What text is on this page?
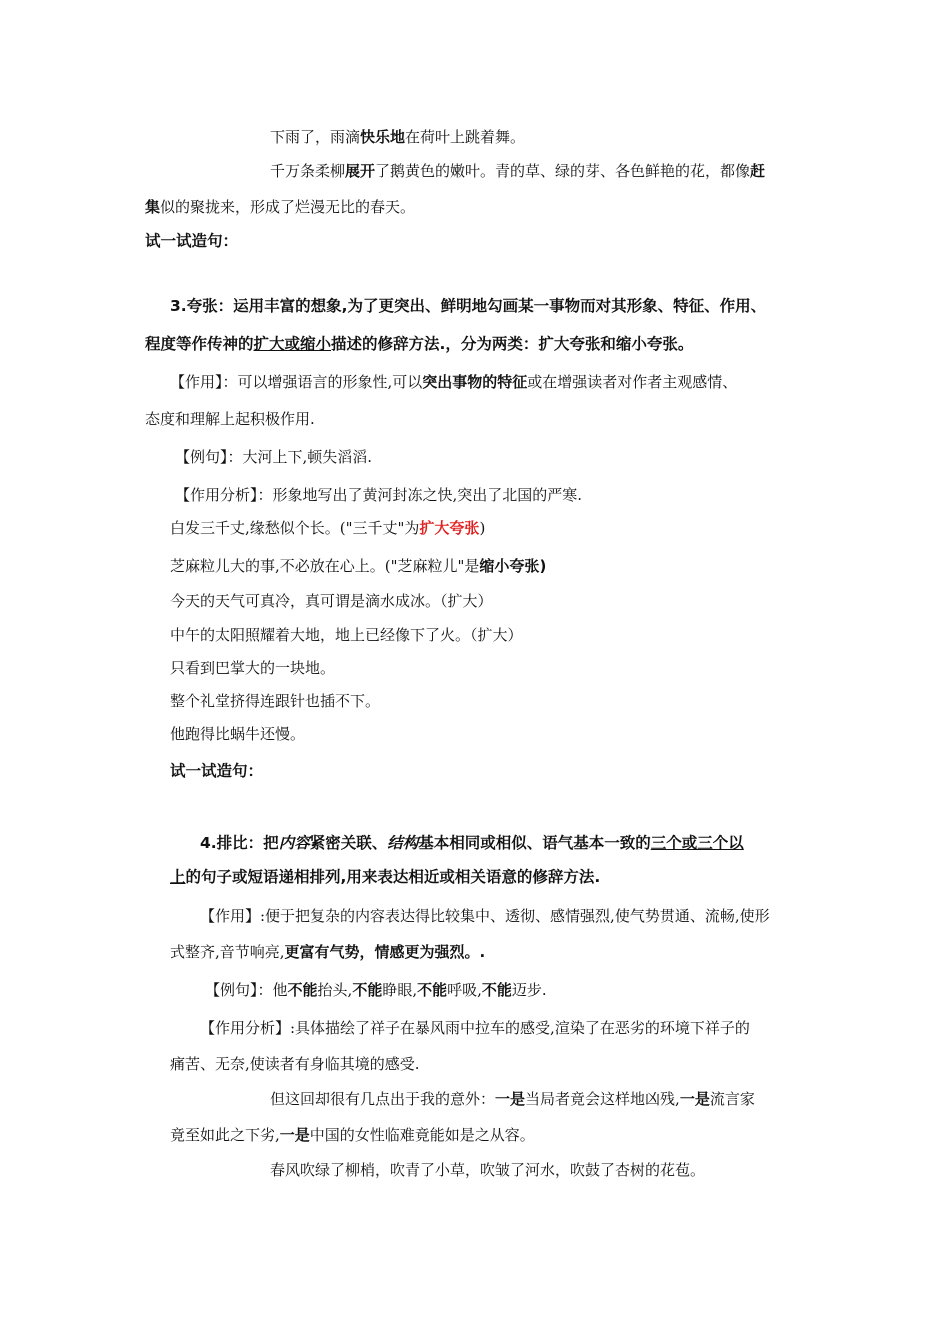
下雨了，雨滴快乐地在荷叶上跳着舞。
千万条柔柳展开了鹅黄色的嫩叶。青的草、绿的芽、各色鲜艳的花，都像赶
集似的聚拢来，形成了烂漫无比的春天。
试一试造句：
3.夸张：运用丰富的想象,为了更突出、鲜明地勾画某一事物而对其形象、特征、作用、
程度等作传神的扩大或缩小描述的修辞方法.，分为两类：扩大夸张和缩小夸张。
【作用】：可以增强语言的形象性,可以突出事物的特征或在增强读者对作者主观感情、
态度和理解上起积极作用.
【例句】：大河上下,顿失滔滔.
【作用分析】：形象地写出了黄河封冻之快,突出了北国的严寒.
白发三千丈,缘愁似个长。("三千丈"为扩大夸张)
芝麻粒儿大的事,不必放在心上。("芝麻粒儿"是缩小夸张)
今天的天气可真冷，真可谓是滴水成冰。（扩大）
中午的太阳照耀着大地，地上已经像下了火。（扩大）
只看到巴掌大的一块地。
整个礼堂挤得连跟针也插不下。
他跑得比蜗牛还慢。
试一试造句：
4.排比：把内容紧密关联、结构基本相同或相似、语气基本一致的三个或三个以
上的句子或短语递相排列,用来表达相近或相关语意的修辞方法.
【作用】:便于把复杂的内容表达得比较集中、透彻、感情强烈,使气势贯通、流畅,使形
式整齐,音节响亮,更富有气势，情感更为强烈。.
【例句】：他不能抬头,不能睁眼,不能呼吸,不能迈步.
【作用分析】:具体描绘了祥子在暴风雨中拉车的感受,渲染了在恶劣的环境下祥子的
痛苦、无奈,使读者有身临其境的感受.
但这回却很有几点出于我的意外：一是当局者竟会这样地凶残,一是流言家
竟至如此之下劣,一是中国的女性临难竟能如是之从容。
春风吹绿了柳梢，吹青了小草，吹皱了河水，吹鼓了杏树的花苞。
